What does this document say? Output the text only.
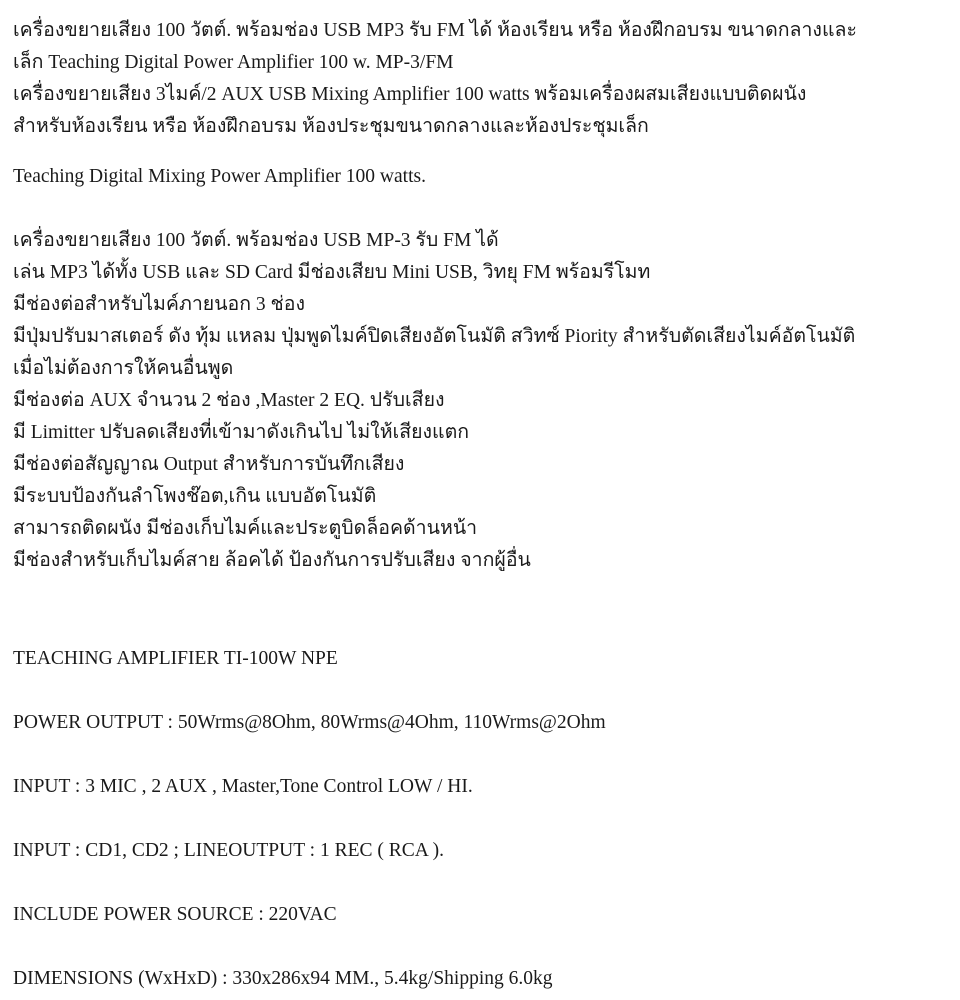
เครื่องขยายเสียง 100 วัตต์. พร้อมช่อง USB MP3 รับ FM ได้ ห้องเรียน หรือ ห้องฝึกอบรม ขนาดกลางและ
เล็ก Teaching Digital Power Amplifier 100 w. MP-3/FM
เครื่องขยายเสียง 3ไมค์/2 AUX USB Mixing Amplifier 100 watts พร้อมเครื่องผสมเสียงแบบติดผนัง
สำหรับห้องเรียน หรือ ห้องฝึกอบรม ห้องประชุมขนาดกลางและห้องประชุมเล็ก
Teaching Digital Mixing Power Amplifier 100 watts.
เครื่องขยายเสียง 100 วัตต์. พร้อมช่อง USB MP-3 รับ FM ได้
เล่น MP3 ได้ทั้ง USB และ SD Card มีช่องเสียบ Mini USB, วิทยุ FM พร้อมรีโมท
มีช่องต่อสำหรับไมค์ภายนอก 3 ช่อง
มีปุ่มปรับมาสเตอร์ ดัง ทุ้ม แหลม ปุ่มพูดไมค์ปิดเสียงอัตโนมัติ สวิทซ์ Piority สำหรับตัดเสียงไมค์อัตโนมัติ
เมื่อไม่ต้องการให้คนอื่นพูด
มีช่องต่อ AUX จำนวน 2 ช่อง ,Master 2 EQ. ปรับเสียง
มี Limitter ปรับลดเสียงที่เข้ามาดังเกินไป ไม่ให้เสียงแตก
มีช่องต่อสัญญาณ Output สำหรับการบันทึกเสียง
มีระบบป้องกันลำโพงช๊อต,เกิน แบบอัตโนมัติ
สามารถติดผนัง มีช่องเก็บไมค์และประตูบิดล็อคด้านหน้า
มีช่องสำหรับเก็บไมค์สาย ล้อคได้ ป้องกันการปรับเสียง จากผู้อื่น
TEACHING AMPLIFIER TI-100W NPE
POWER OUTPUT : 50Wrms@8Ohm, 80Wrms@4Ohm, 110Wrms@2Ohm
INPUT : 3 MIC , 2 AUX , Master,Tone Control LOW / HI.
INPUT : CD1, CD2 ; LINEOUTPUT : 1 REC ( RCA ).
INCLUDE POWER SOURCE : 220VAC
DIMENSIONS (WxHxD) : 330x286x94 MM., 5.4kg/Shipping 6.0kg
